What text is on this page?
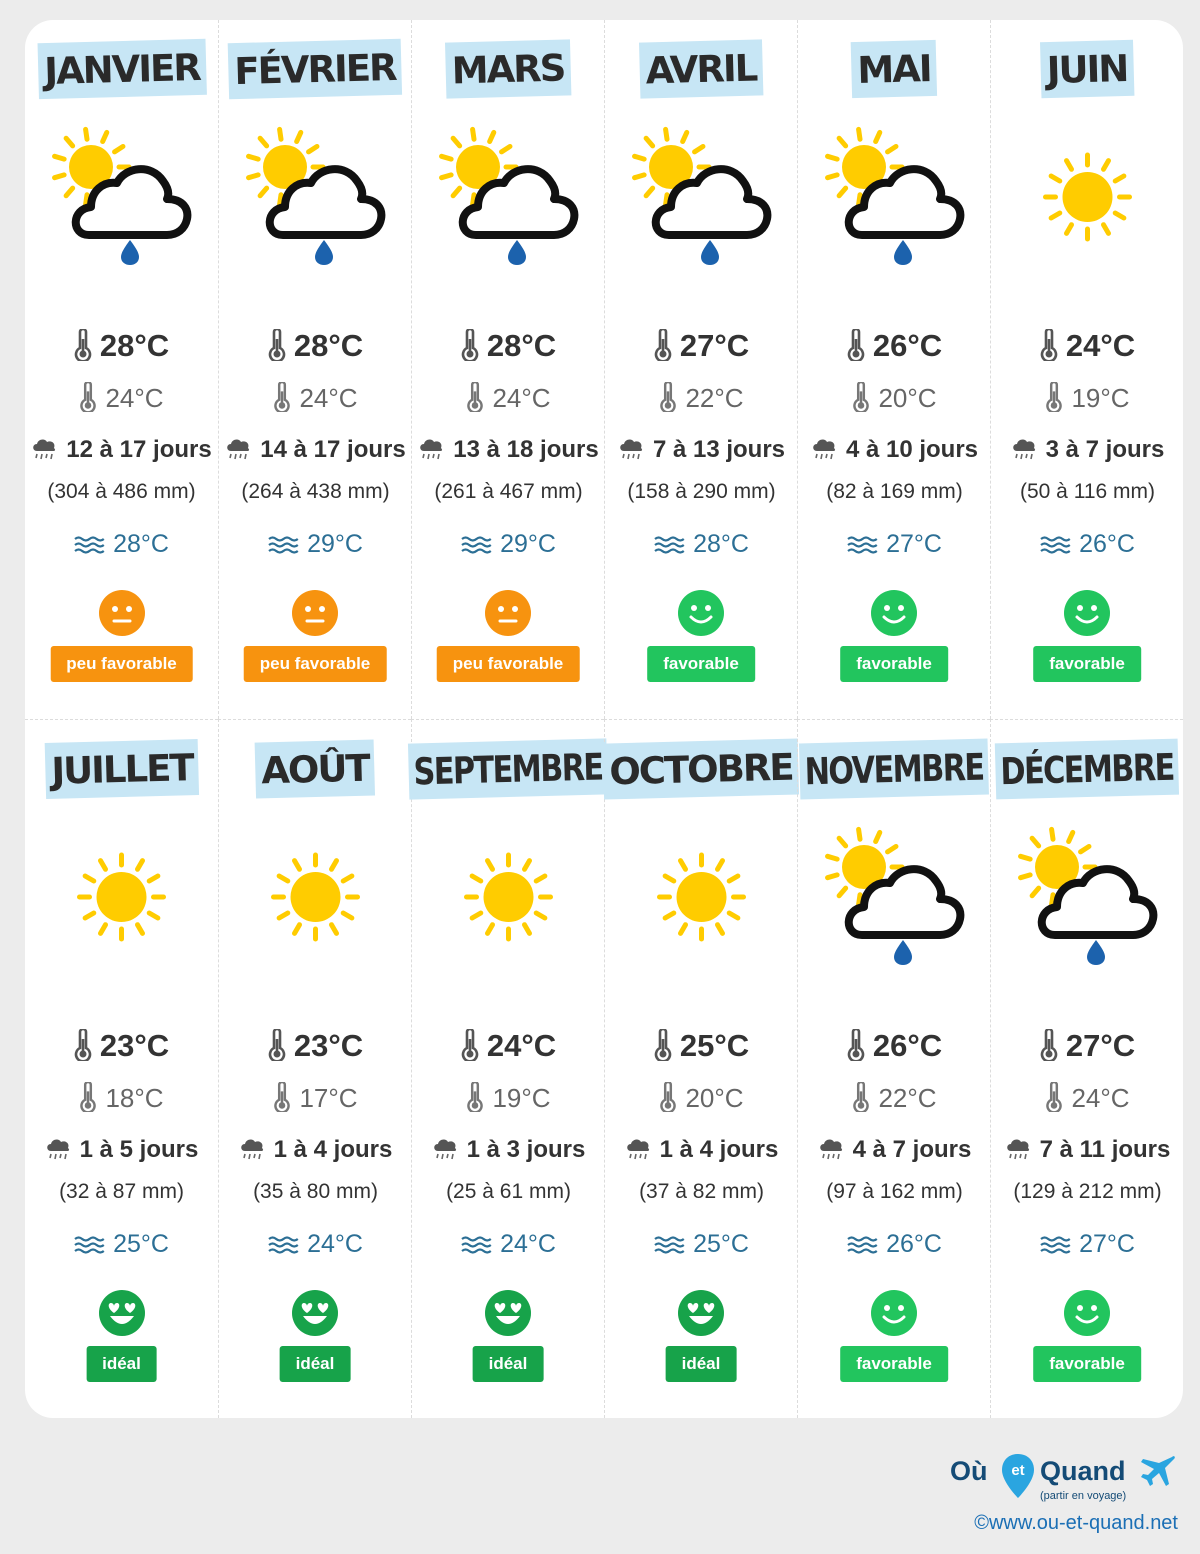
JANVIER
28°C
24°C
12 à 17 jours
(304 à 486 mm)
28°C
peu favorable
FÉVRIER
28°C
24°C
14 à 17 jours
(264 à 438 mm)
29°C
peu favorable
MARS
28°C
24°C
13 à 18 jours
(261 à 467 mm)
29°C
peu favorable
AVRIL
27°C
22°C
7 à 13 jours
(158 à 290 mm)
28°C
favorable
MAI
26°C
20°C
4 à 10 jours
(82 à 169 mm)
27°C
favorable
JUIN
24°C
19°C
3 à 7 jours
(50 à 116 mm)
26°C
favorable
JUILLET
23°C
18°C
1 à 5 jours
(32 à 87 mm)
25°C
idéal
AOÛT
23°C
17°C
1 à 4 jours
(35 à 80 mm)
24°C
idéal
SEPTEMBRE
24°C
19°C
1 à 3 jours
(25 à 61 mm)
24°C
idéal
OCTOBRE
25°C
20°C
1 à 4 jours
(37 à 82 mm)
25°C
idéal
NOVEMBRE
26°C
22°C
4 à 7 jours
(97 à 162 mm)
26°C
favorable
DÉCEMBRE
27°C
24°C
7 à 11 jours
(129 à 212 mm)
27°C
favorable
Où	et Quand
(partir en voyage)
©www.ou-et-quand.net
